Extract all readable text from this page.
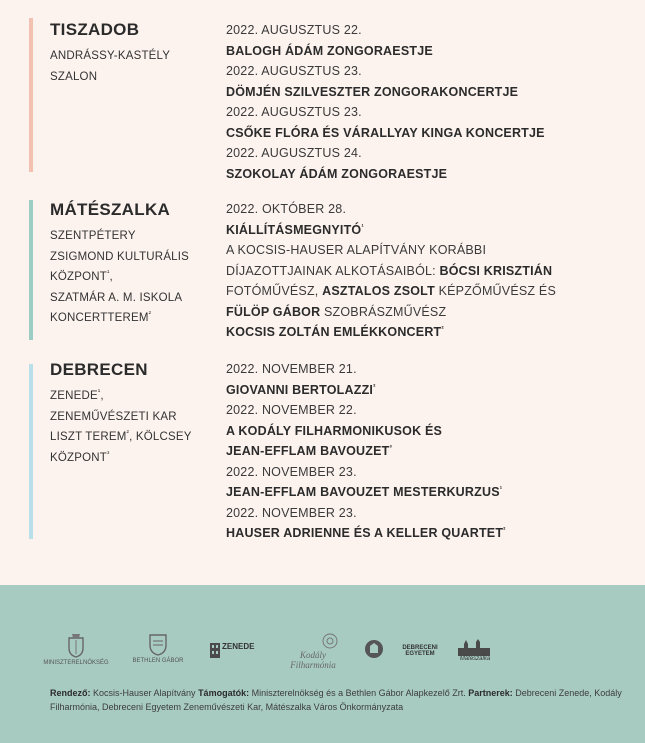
TISZADOB
ANDRÁSSY-KASTÉLY
SZALON
2022. AUGUSZTUS 22.
BALOGH ÁDÁM ZONGORAESTJE
2022. AUGUSZTUS 23.
DÖMJÉN SZILVESZTER ZONGORAKONCERTJE
2022. AUGUSZTUS 23.
CSŐKE FLÓRA ÉS VÁRALLYAY KINGA KONCERTJE
2022. AUGUSZTUS 24.
SZOKOLAY ÁDÁM ZONGORAESTJE
MÁTÉSZALKA
SZENTPÉTERY
ZSIGMOND KULTURÁLIS
$KÖZPONT^{^1}$,
SZATMÁR A. M. ISKOLA
$KONCERTTEREM^{^2}$
2022. OKTÓBER 28.
$KIÁLLÍTÁSMEGNYITÓ^{^1}$
A KOCSIS-HAUSER ALAPÍTVÁNY KORÁBBI
DÍJAZOTTJAINAK ALKOTÁSAIBÓL: BÓCSI KRISZTIÁN
FOTÓMŰVÉSZ, ASZTALOS ZSOLT KÉPZŐMŰVÉSZ ÉS
FÜLÖP GÁBOR SZOBRÁSZMŰVÉSZ
KOCSIS ZOLTÁN $EMLÉKKONCERT^{^2}$
DEBRECEN
$ZENEDE^{^1}$,
ZENEMŰVÉSZETI KAR
LISZT $TEREM^{^2}$, KÖLCSEY
$KÖZPONT^{^3}$
2022. NOVEMBER 21.
GIOVANNI $BERTOLAZZI^{^2}$
2022. NOVEMBER 22.
A KODÁLY FILHARMONIKUSOK ÉS
JEAN-EFFLAM $BAVOUZET^{^3}$
2022. NOVEMBER 23.
JEAN-EFFLAM BAVOUZET $MESTERKURZUS^{^1}$
2022. NOVEMBER 23.
HAUSER ADRIENNE ÉS A KELLER $QUARTET^{^2}$
MINISZTERELNÖKSÉG	BETHLEN GÁBOR
ZENEDE
Kodály Filharmónia
DEBRECENI EGYETEM
Mátészalka
Rendező: Kocsis-Hauser Alapítvány Támogatók: Miniszterelnökség és a Bethlen Gábor Alapkezelő Zrt. Partnerek: Debreceni Zenede, Kodály Filharmónia, Debreceni Egyetem Zeneművészeti Kar, Mátészalka Város Önkormányzata
